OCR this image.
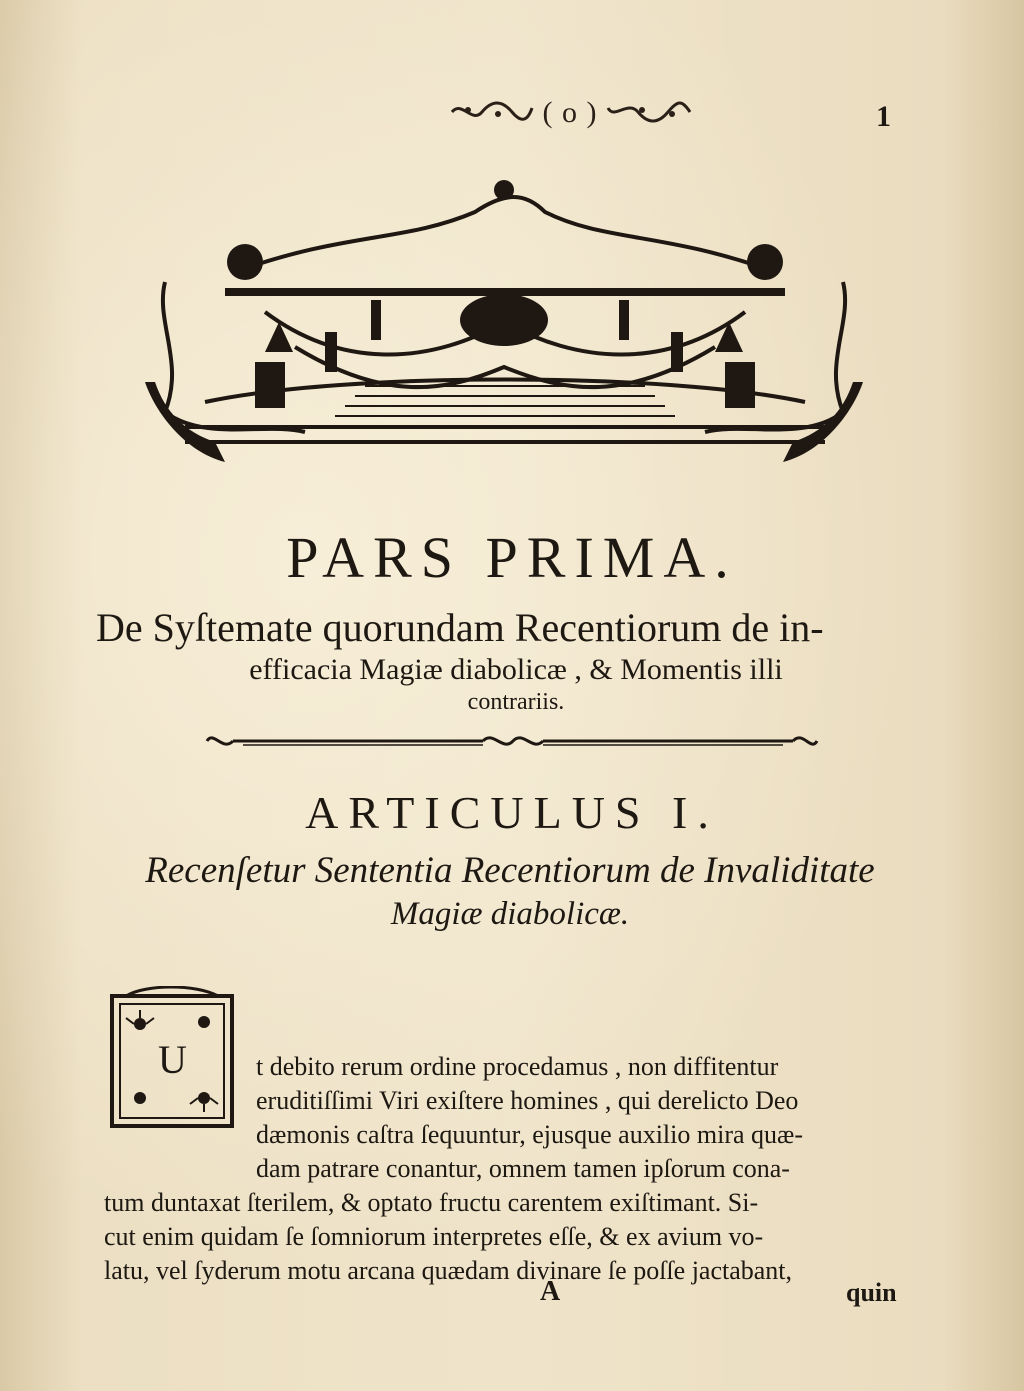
( o )	1
PARS PRIMA.

De Syſtemate quorundam Recentiorum de in-
efficacia Magiæ diabolicæ , & Momentis illi
contrariis.

ARTICULUS I.

Recenſetur Sententia Recentiorum de Invaliditate
Magiæ diabolicæ.

U	t debito rerum ordine procedamus , non diffitentur
eruditiſſimi Viri exiſtere homines , qui derelicto Deo
dæmonis caſtra ſequuntur, ejusque auxilio mira quæ-
dam patrare conantur, omnem tamen ipſorum cona-
tum duntaxat ſterilem, & optato fructu carentem exiſtimant. Si-
cut enim quidam ſe ſomniorum interpretes eſſe, & ex avium vo-
latu, vel ſyderum motu arcana quædam divinare ſe poſſe jactabant,

A	quin
